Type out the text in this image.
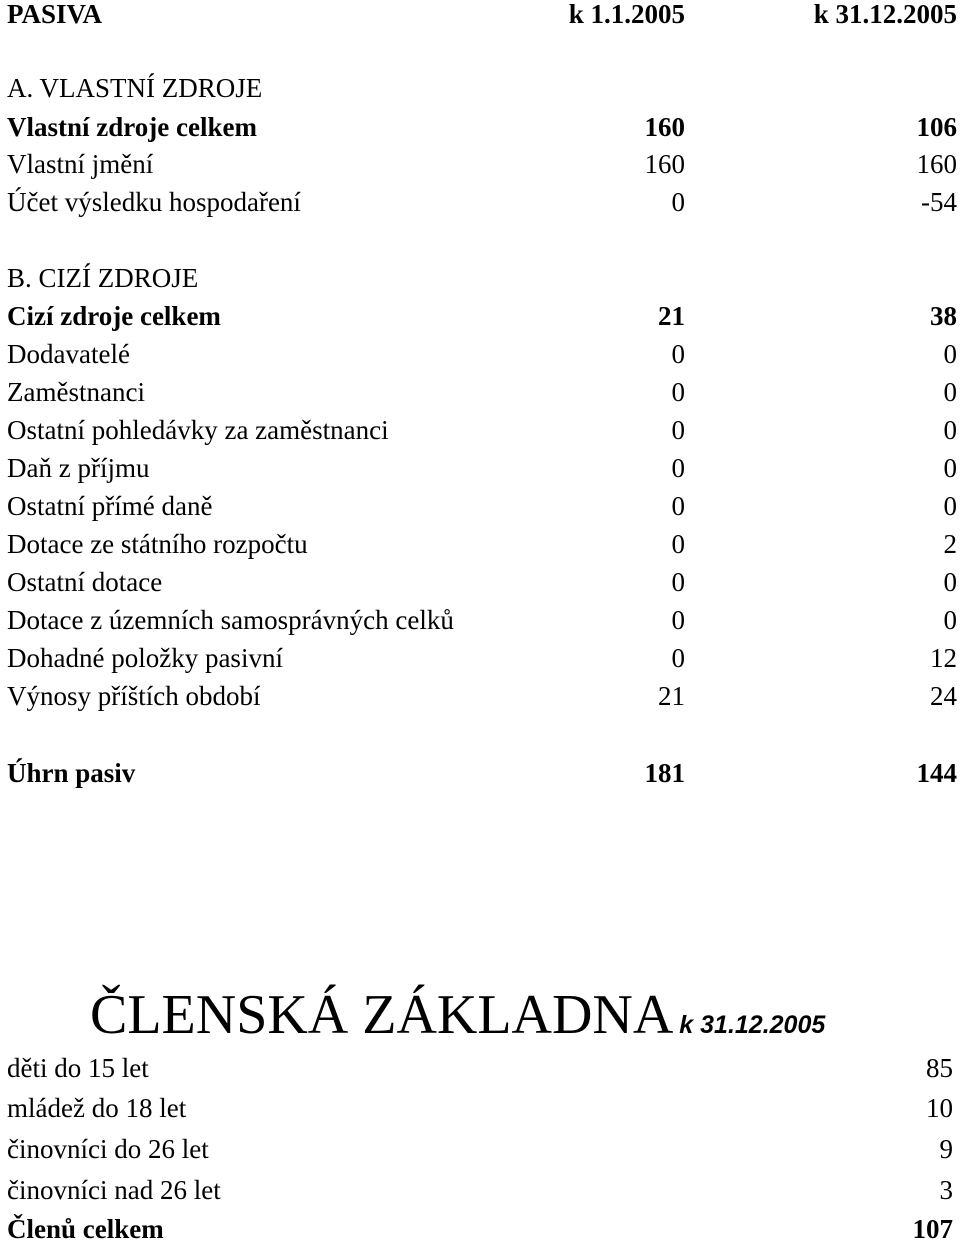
PASIVA	k 1.1.2005	k 31.12.2005
A. VLASTNÍ ZDROJE
Vlastní zdroje celkem	160	106
Vlastní jmění	160	160
Účet výsledku hospodaření	0	-54
B. CIZÍ ZDROJE
Cizí zdroje celkem	21	38
Dodavatelé	0	0
Zaměstnanci	0	0
Ostatní pohledávky za zaměstnanci	0	0
Daň z příjmu	0	0
Ostatní přímé daně	0	0
Dotace ze státního rozpočtu	0	2
Ostatní dotace	0	0
Dotace z územních samosprávných celků	0	0
Dohadné položky pasivní	0	12
Výnosy příštích období	21	24
Úhrn pasiv	181	144
ČLENSKÁ ZÁKLADNA k 31.12.2005
děti do 15 let	85
mládež do 18 let	10
činovníci do 26 let	9
činovníci nad 26 let	3
Členů celkem	107
